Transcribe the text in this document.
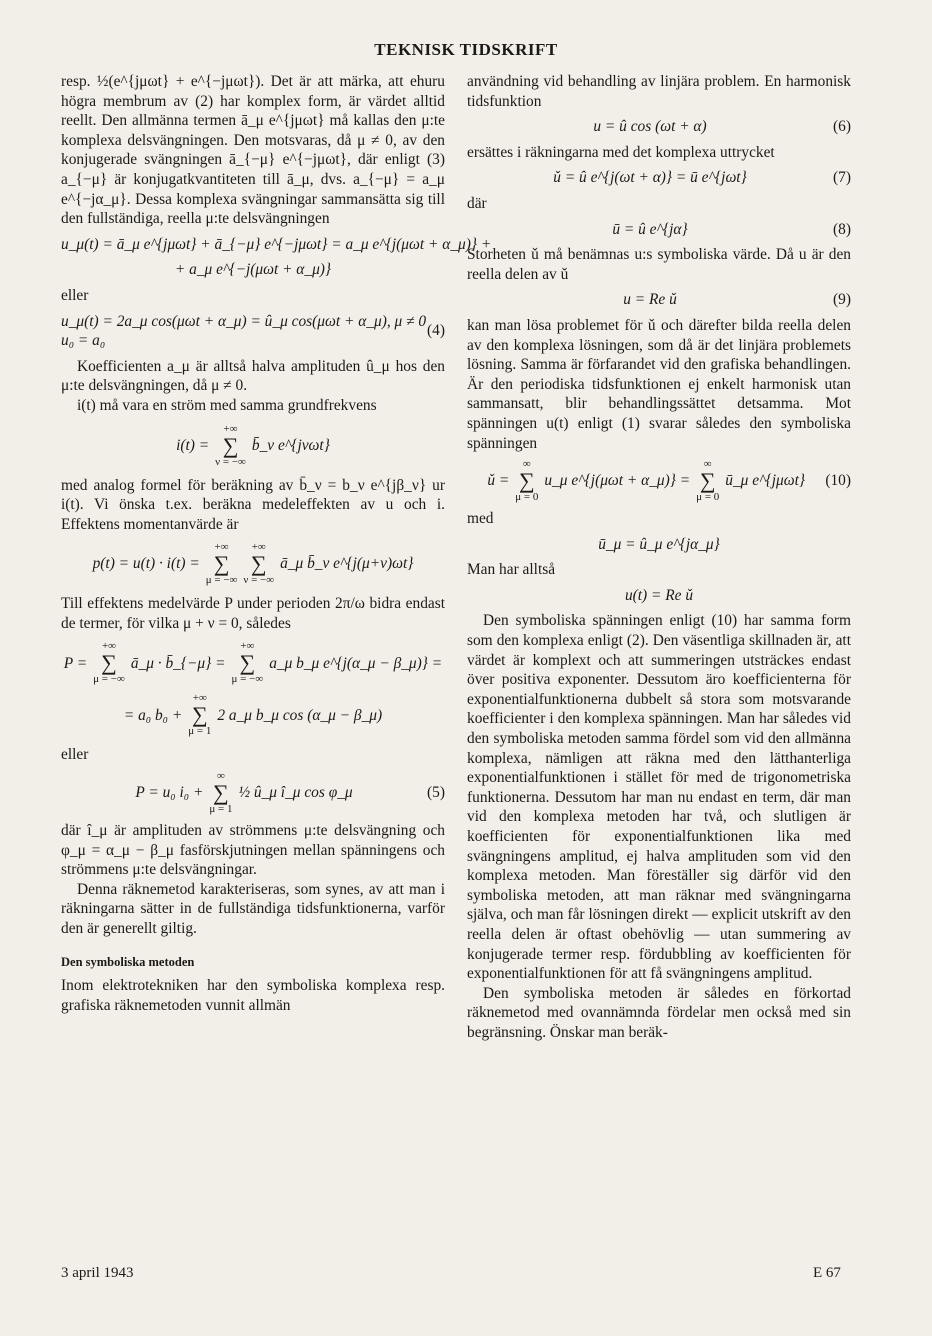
TEKNISK TIDSKRIFT

resp. ½(e^{jμωt} + e^{−jμωt}). Det är att märka, att ehuru högra membrum av (2) har komplex form, är värdet alltid reellt. Den allmänna termen ā_μ e^{jμωt} må kallas den μ:te komplexa delsvängningen. Den motsvaras, då μ ≠ 0, av den konjugerade svängningen ā_{−μ} e^{−jμωt}, där enligt (3) a_{−μ} är konjugatkvantiteten till ā_μ, dvs. a_{−μ} = a_μ e^{−jα_μ}. Dessa komplexa svängningar sammansätta sig till den fullständiga, reella μ:te delsvängningen

u_μ(t) = ā_μ e^{jμωt} + ā_{−μ} e^{−jμωt} = a_μ e^{j(μωt + α_μ)} +
+ a_μ e^{−j(μωt + α_μ)}
eller
u_μ(t) = 2a_μ cos(μωt + α_μ) = û_μ cos(μωt + α_μ), μ ≠ 0
u₀ = a₀
(4)

Koefficienten a_μ är alltså halva amplituden û_μ hos den μ:te delsvängningen, då μ ≠ 0.

i(t) må vara en ström med samma grundfrekvens

i(t) =
+∞
∑
ν = −∞
b̄_ν e^{jνωt}

med analog formel för beräkning av b̄_ν = b_ν e^{jβ_ν} ur i(t). Vi önska t.ex. beräkna medeleffekten av u och i. Effektens momentanvärde är

p(t) = u(t) · i(t) =
+∞
∑
μ = −∞
+∞
∑
ν = −∞
ā_μ b̄_ν e^{j(μ+ν)ωt}

Till effektens medelvärde P under perioden 2π/ω bidra endast de termer, för vilka μ + ν = 0, således

P =
+∞
∑
μ = −∞
ā_μ · b̄_{−μ} =
+∞
∑
μ = −∞
a_μ b_μ e^{j(α_μ − β_μ)} =
= a₀ b₀ +
+∞
∑
μ = 1
2 a_μ b_μ cos (α_μ − β_μ)
eller
P = u₀ i₀ +
∞
∑
μ = 1
½ û_μ î_μ cos φ_μ	(5)

där î_μ är amplituden av strömmens μ:te delsvängning och φ_μ = α_μ − β_μ fasförskjutningen mellan spänningens och strömmens μ:te delsvängningar.

Denna räknemetod karakteriseras, som synes, av att man i räkningarna sätter in de fullständiga tidsfunktionerna, varför den är generellt giltig.

Den symboliska metoden

Inom elektrotekniken har den symboliska komplexa resp. grafiska räknemetoden vunnit allmän

användning vid behandling av linjära problem. En harmonisk tidsfunktion

u = û cos (ωt + α)	(6)

ersättes i räkningarna med det komplexa uttrycket

ǔ = û e^{j(ωt + α)} = ū e^{jωt}	(7)
där
ū = û e^{jα}	(8)

Storheten ǔ må benämnas u:s symboliska värde. Då u är den reella delen av ǔ

u = Re ǔ	(9)

kan man lösa problemet för ǔ och därefter bilda reella delen av den komplexa lösningen, som då är det linjära problemets lösning. Samma är förfarandet vid den grafiska behandlingen. Är den periodiska tidsfunktionen ej enkelt harmonisk utan sammansatt, blir behandlingssättet detsamma. Mot spänningen u(t) enligt (1) svarar således den symboliska spänningen

ǔ =
∞
∑
μ = 0
u_μ e^{j(μωt + α_μ)} =
∞
∑
μ = 0
ū_μ e^{jμωt} (10)
med
ū_μ = û_μ e^{jα_μ}
Man har alltså
u(t) = Re ǔ

Den symboliska spänningen enligt (10) har samma form som den komplexa enligt (2). Den väsentliga skillnaden är, att värdet är komplext och att summeringen utsträckes endast över positiva exponenter. Dessutom äro koefficienterna för exponentialfunktionerna dubbelt så stora som motsvarande koefficienter i den komplexa spänningen. Man har således vid den symboliska metoden samma fördel som vid den allmänna komplexa, nämligen att räkna med den lätthanterliga exponentialfunktionen i stället för med de trigonometriska funktionerna. Dessutom har man nu endast en term, där man vid den komplexa metoden har två, och slutligen är koefficienten för exponentialfunktionen lika med svängningens amplitud, ej halva amplituden som vid den komplexa metoden. Man föreställer sig därför vid den symboliska metoden, att man räknar med svängningarna själva, och man får lösningen direkt — explicit utskrift av den reella delen är oftast obehövlig — utan summering av konjugerade termer resp. fördubbling av koefficienten för exponentialfunktionen för att få svängningens amplitud.

Den symboliska metoden är således en förkortad räknemetod med ovannämnda fördelar men också med sin begränsning. Önskar man beräk-

3 april 1943	E 67
